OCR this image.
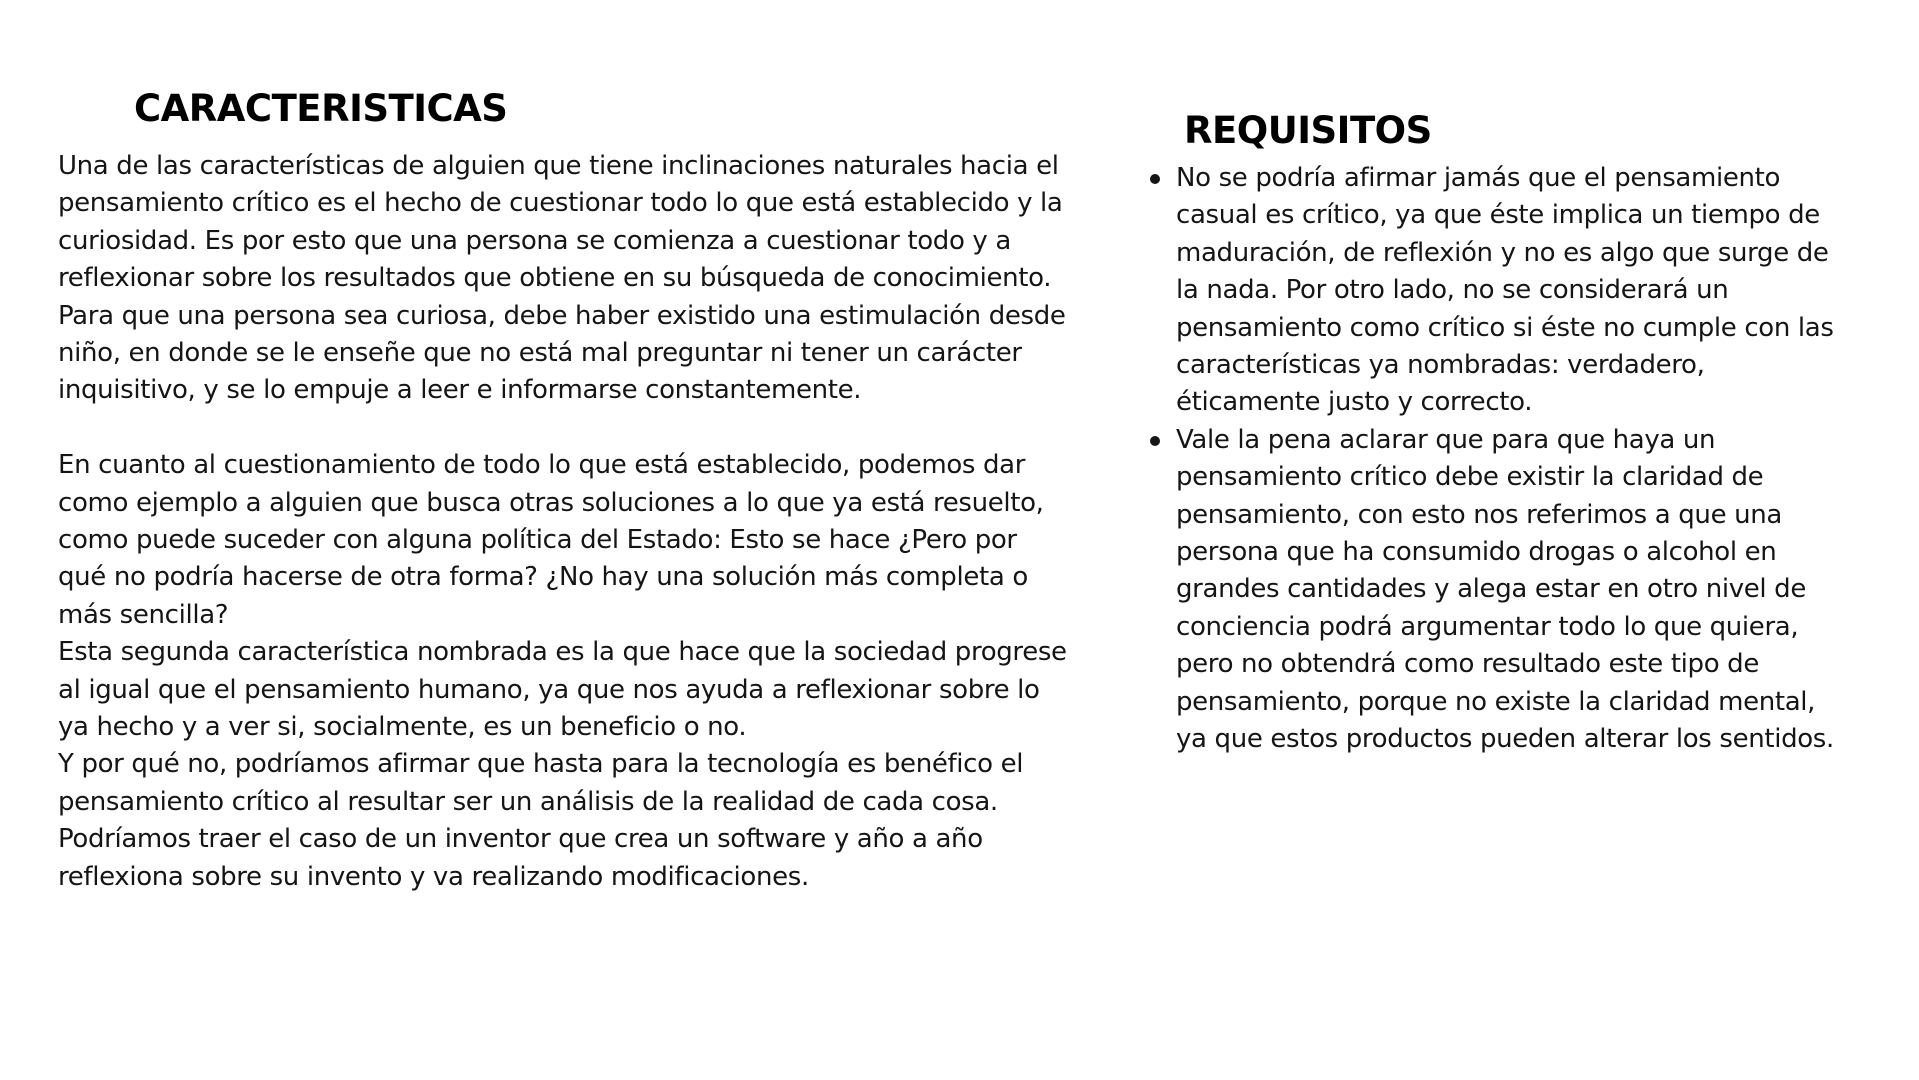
CARACTERISTICAS

Una de las características de alguien que tiene inclinaciones naturales hacia el pensamiento crítico es el hecho de cuestionar todo lo que está establecido y la curiosidad. Es por esto que una persona se comienza a cuestionar todo y a reflexionar sobre los resultados que obtiene en su búsqueda de conocimiento.

Para que una persona sea curiosa, debe haber existido una estimulación desde niño, en donde se le enseñe que no está mal preguntar ni tener un carácter inquisitivo, y se lo empuje a leer e informarse constantemente.

En cuanto al cuestionamiento de todo lo que está establecido, podemos dar como ejemplo a alguien que busca otras soluciones a lo que ya está resuelto, como puede suceder con alguna política del Estado: Esto se hace ¿Pero por qué no podría hacerse de otra forma? ¿No hay una solución más completa o más sencilla?

Esta segunda característica nombrada es la que hace que la sociedad progrese al igual que el pensamiento humano, ya que nos ayuda a reflexionar sobre lo ya hecho y a ver si, socialmente, es un beneficio o no.

Y por qué no, podríamos afirmar que hasta para la tecnología es benéfico el pensamiento crítico al resultar ser un análisis de la realidad de cada cosa. Podríamos traer el caso de un inventor que crea un software y año a año reflexiona sobre su invento y va realizando modificaciones.

REQUISITOS
No se podría afirmar jamás que el pensamiento casual es crítico, ya que éste implica un tiempo de maduración, de reflexión y no es algo que surge de la nada. Por otro lado, no se considerará un pensamiento como crítico si éste no cumple con las características ya nombradas: verdadero, éticamente justo y correcto.
Vale la pena aclarar que para que haya un pensamiento crítico debe existir la claridad de pensamiento, con esto nos referimos a que una persona que ha consumido drogas o alcohol en grandes cantidades y alega estar en otro nivel de conciencia podrá argumentar todo lo que quiera, pero no obtendrá como resultado este tipo de pensamiento, porque no existe la claridad mental, ya que estos productos pueden alterar los sentidos.
